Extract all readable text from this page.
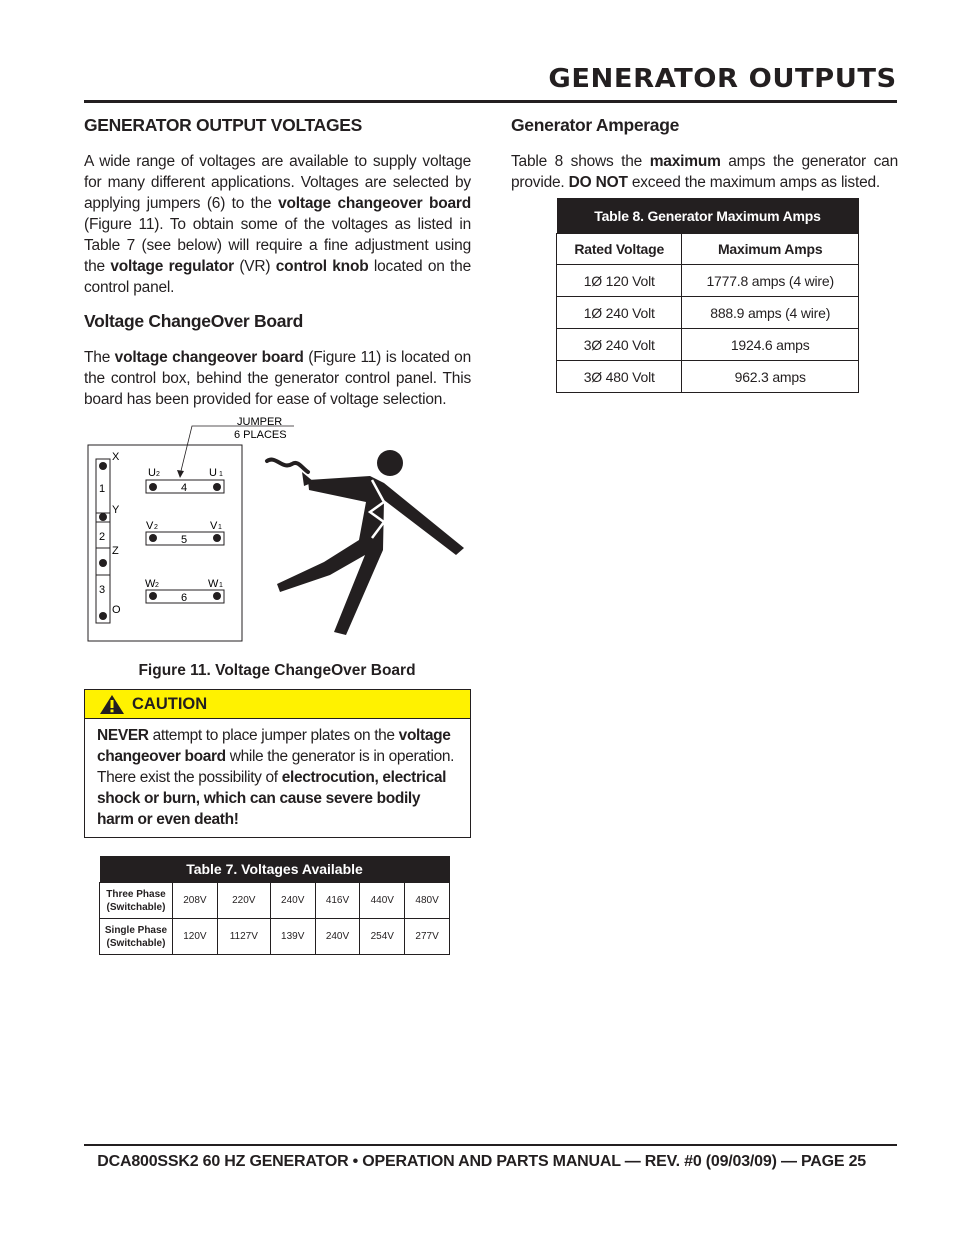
GENERATOR OUTPUTS
GENERATOR OUTPUT VOLTAGES
A wide range of voltages are available to supply voltage for many different applications. Voltages are selected by applying jumpers (6) to the voltage changeover board (Figure 11). To obtain some of the voltages as listed in Table 7 (see below) will require a fine adjustment using the voltage regulator (VR) control knob located on the control panel.
Voltage ChangeOver Board
The voltage changeover board (Figure 11) is located on the control box, behind the generator control panel. This board has been provided for ease of voltage selection.
JUMPER
6 PLACES
X
Y
Z
O
1
2
3
U 2	U 1
4
V 2	V 1
5
W 2	W 1
6
Figure 11. Voltage ChangeOver Board
CAUTION
NEVER attempt to place jumper plates on the voltage changeover board while the generator is in operation. There exist the possibility of electrocution, electrical shock or burn, which can cause severe bodily harm or even death!
Table 7. Voltages Available						
Three Phase
(Switchable)	208V	220V	240V	416V	440V	480V
Single Phase
(Switchable)	120V	1127V	139V	240V	254V	277V
Generator Amperage
Table 8 shows the maximum amps the generator can provide. DO NOT exceed the maximum amps as listed.
Table 8. Generator Maximum Amps	
Rated Voltage	Maximum Amps
1Ø 120 Volt	1777.8 amps (4 wire)
1Ø 240 Volt	888.9 amps (4 wire)
3Ø 240 Volt	1924.6 amps
3Ø 480 Volt	962.3 amps
DCA800SSK2 60 HZ GENERATOR • OPERATION AND PARTS MANUAL — REV. #0 (09/03/09) — PAGE 25
